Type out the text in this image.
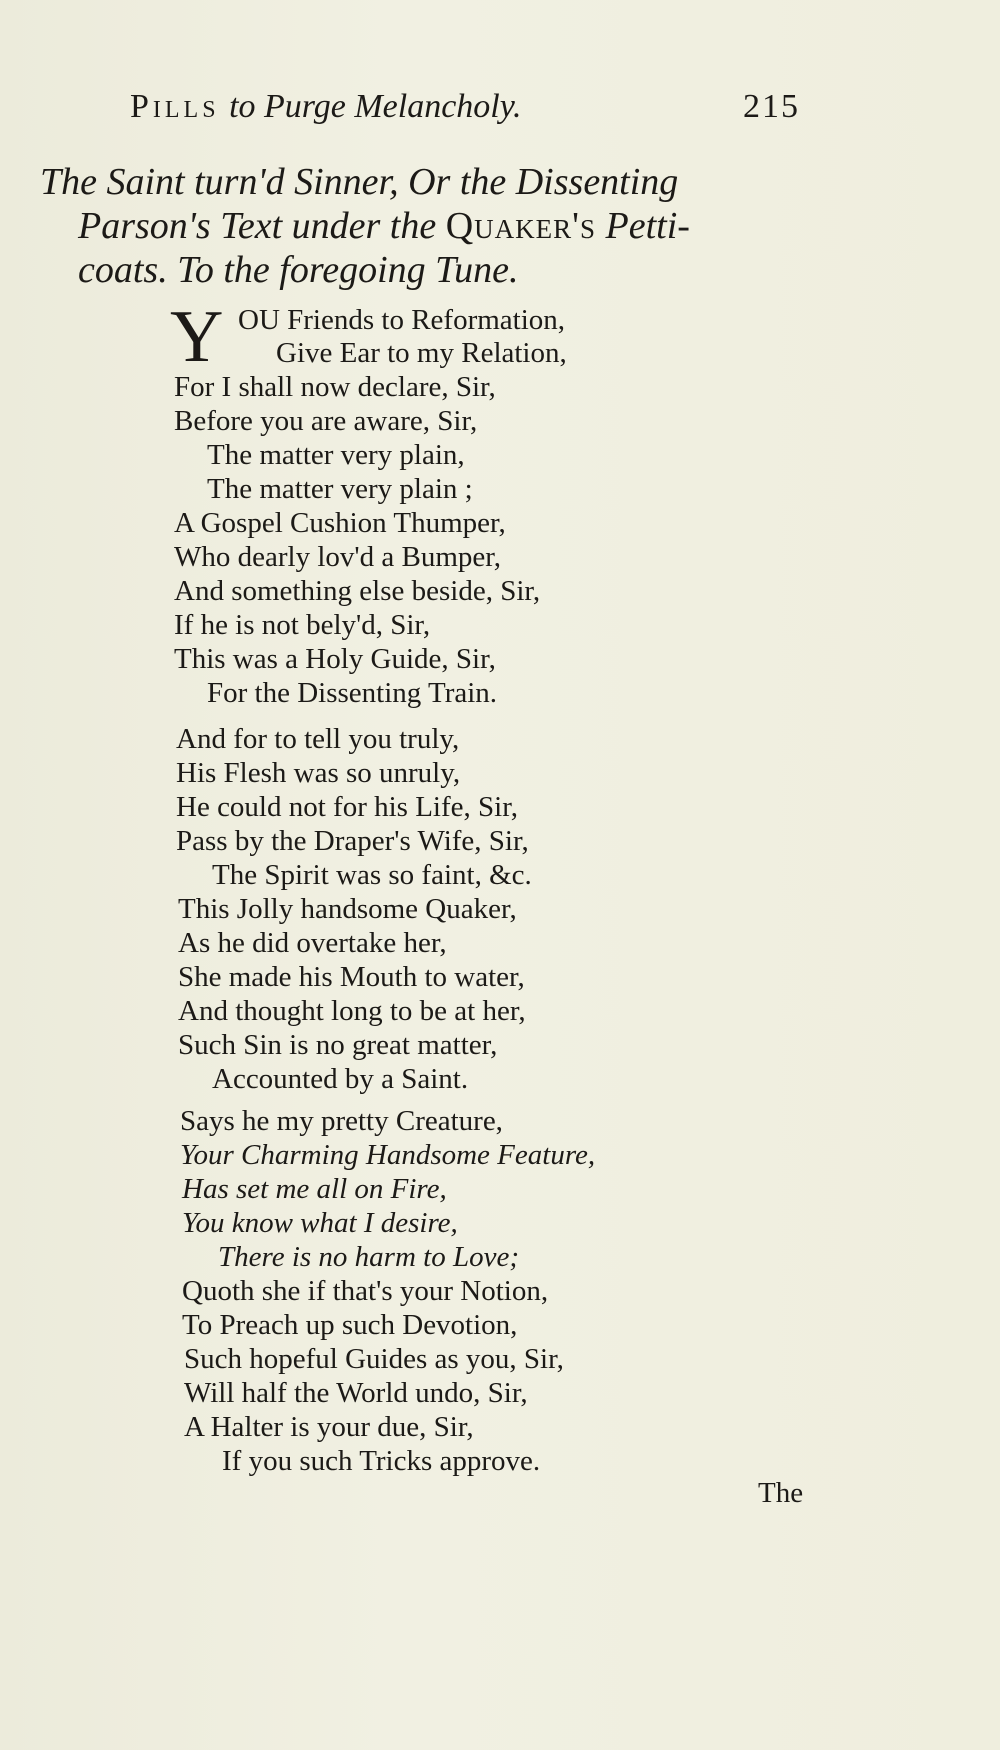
Pills to Purge Melancholy.	215
The Saint turn'd Sinner, Or the Dissenting
Parson's Text under the Quaker's Petti-
coats. To the foregoing Tune.
Y OU Friends to Reformation,
Give Ear to my Relation,
For I shall now declare, Sir,
Before you are aware, Sir,
The matter very plain,
The matter very plain ;
A Gospel Cushion Thumper,
Who dearly lov'd a Bumper,
And something else beside, Sir,
If he is not bely'd, Sir,
This was a Holy Guide, Sir,
For the Dissenting Train.
And for to tell you truly,
His Flesh was so unruly,
He could not for his Life, Sir,
Pass by the Draper's Wife, Sir,
The Spirit was so faint, &c.
This Jolly handsome Quaker,
As he did overtake her,
She made his Mouth to water,
And thought long to be at her,
Such Sin is no great matter,
Accounted by a Saint.
Says he my pretty Creature,
Your Charming Handsome Feature,
Has set me all on Fire,
You know what I desire,
There is no harm to Love;
Quoth she if that's your Notion,
To Preach up such Devotion,
Such hopeful Guides as you, Sir,
Will half the World undo, Sir,
A Halter is your due, Sir,
If you such Tricks approve.
The
